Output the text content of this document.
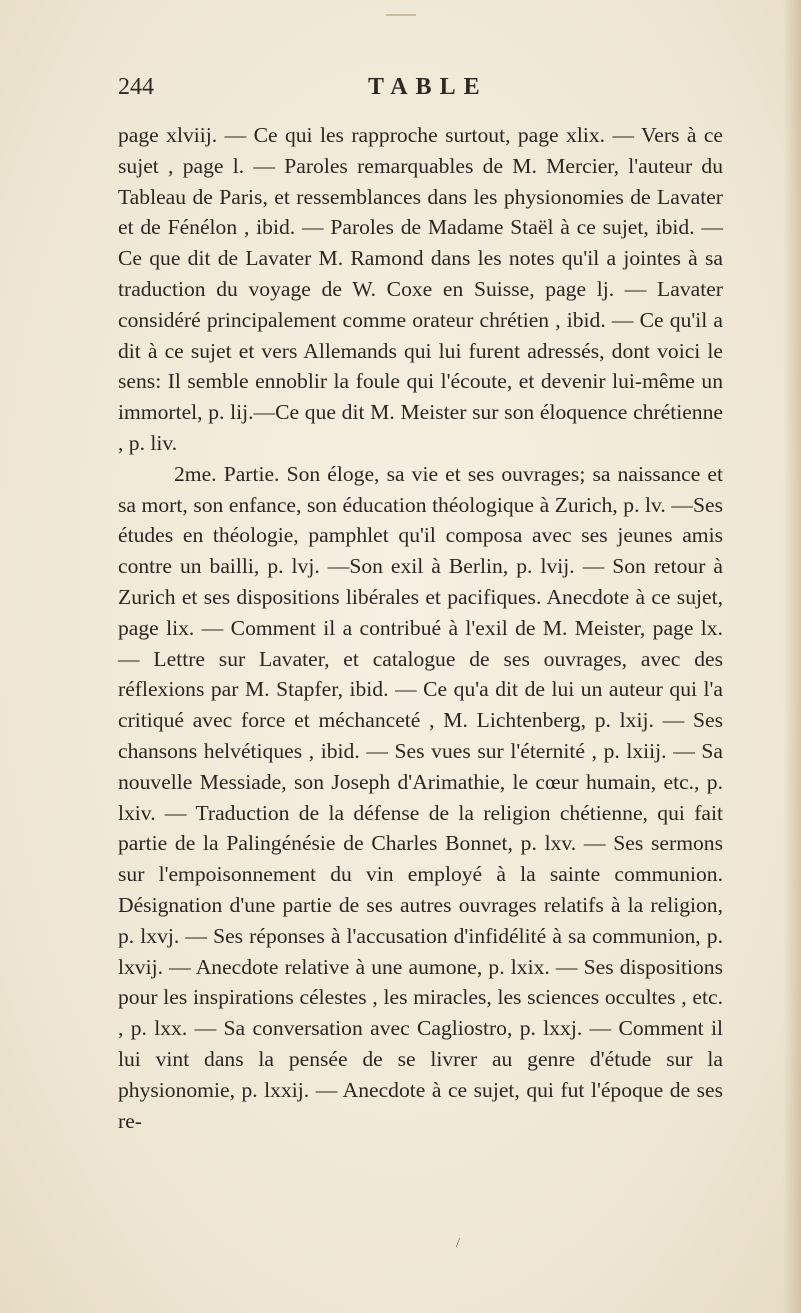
244	TABLE

page xlviij. — Ce qui les rapproche surtout, page xlix. — Vers à ce sujet , page l. — Paroles remarquables de M. Mercier, l'auteur du Tableau de Paris, et ressemblances dans les physionomies de Lavater et de Fénélon , ibid. — Paroles de Madame Staël à ce sujet, ibid. — Ce que dit de Lavater M. Ramond dans les notes qu'il a jointes à sa traduction du voyage de W. Coxe en Suisse, page lj. — Lavater considéré principalement comme orateur chrétien , ibid. — Ce qu'il a dit à ce sujet et vers Allemands qui lui furent adressés, dont voici le sens: Il semble ennoblir la foule qui l'écoute, et devenir lui-même un immortel, p. lij.—Ce que dit M. Meister sur son éloquence chrétienne , p. liv.

2me. Partie. Son éloge, sa vie et ses ouvrages; sa naissance et sa mort, son enfance, son éducation théologique à Zurich, p. lv. —Ses études en théologie, pamphlet qu'il composa avec ses jeunes amis contre un bailli, p. lvj. —Son exil à Berlin, p. lvij. — Son retour à Zurich et ses dispositions libérales et pacifiques. Anecdote à ce sujet, page lix. — Comment il a contribué à l'exil de M. Meister, page lx. — Lettre sur Lavater, et catalogue de ses ouvrages, avec des réflexions par M. Stapfer, ibid. — Ce qu'a dit de lui un auteur qui l'a critiqué avec force et méchanceté , M. Lichtenberg, p. lxij. — Ses chansons helvétiques , ibid. — Ses vues sur l'éternité , p. lxiij. — Sa nouvelle Messiade, son Joseph d'Arimathie, le cœur humain, etc., p. lxiv. — Traduction de la défense de la religion chétienne, qui fait partie de la Palingénésie de Charles Bonnet, p. lxv. — Ses sermons sur l'empoisonnement du vin employé à la sainte communion. Désignation d'une partie de ses autres ouvrages relatifs à la religion, p. lxvj. — Ses réponses à l'accusation d'infidélité à sa communion, p. lxvij. — Anecdote relative à une aumone, p. lxix. — Ses dispositions pour les inspirations célestes , les miracles, les sciences occultes , etc. , p. lxx. — Sa conversation avec Cagliostro, p. lxxj. — Comment il lui vint dans la pensée de se livrer au genre d'étude sur la physionomie, p. lxxij. — Anecdote à ce sujet, qui fut l'époque de ses re-

/
